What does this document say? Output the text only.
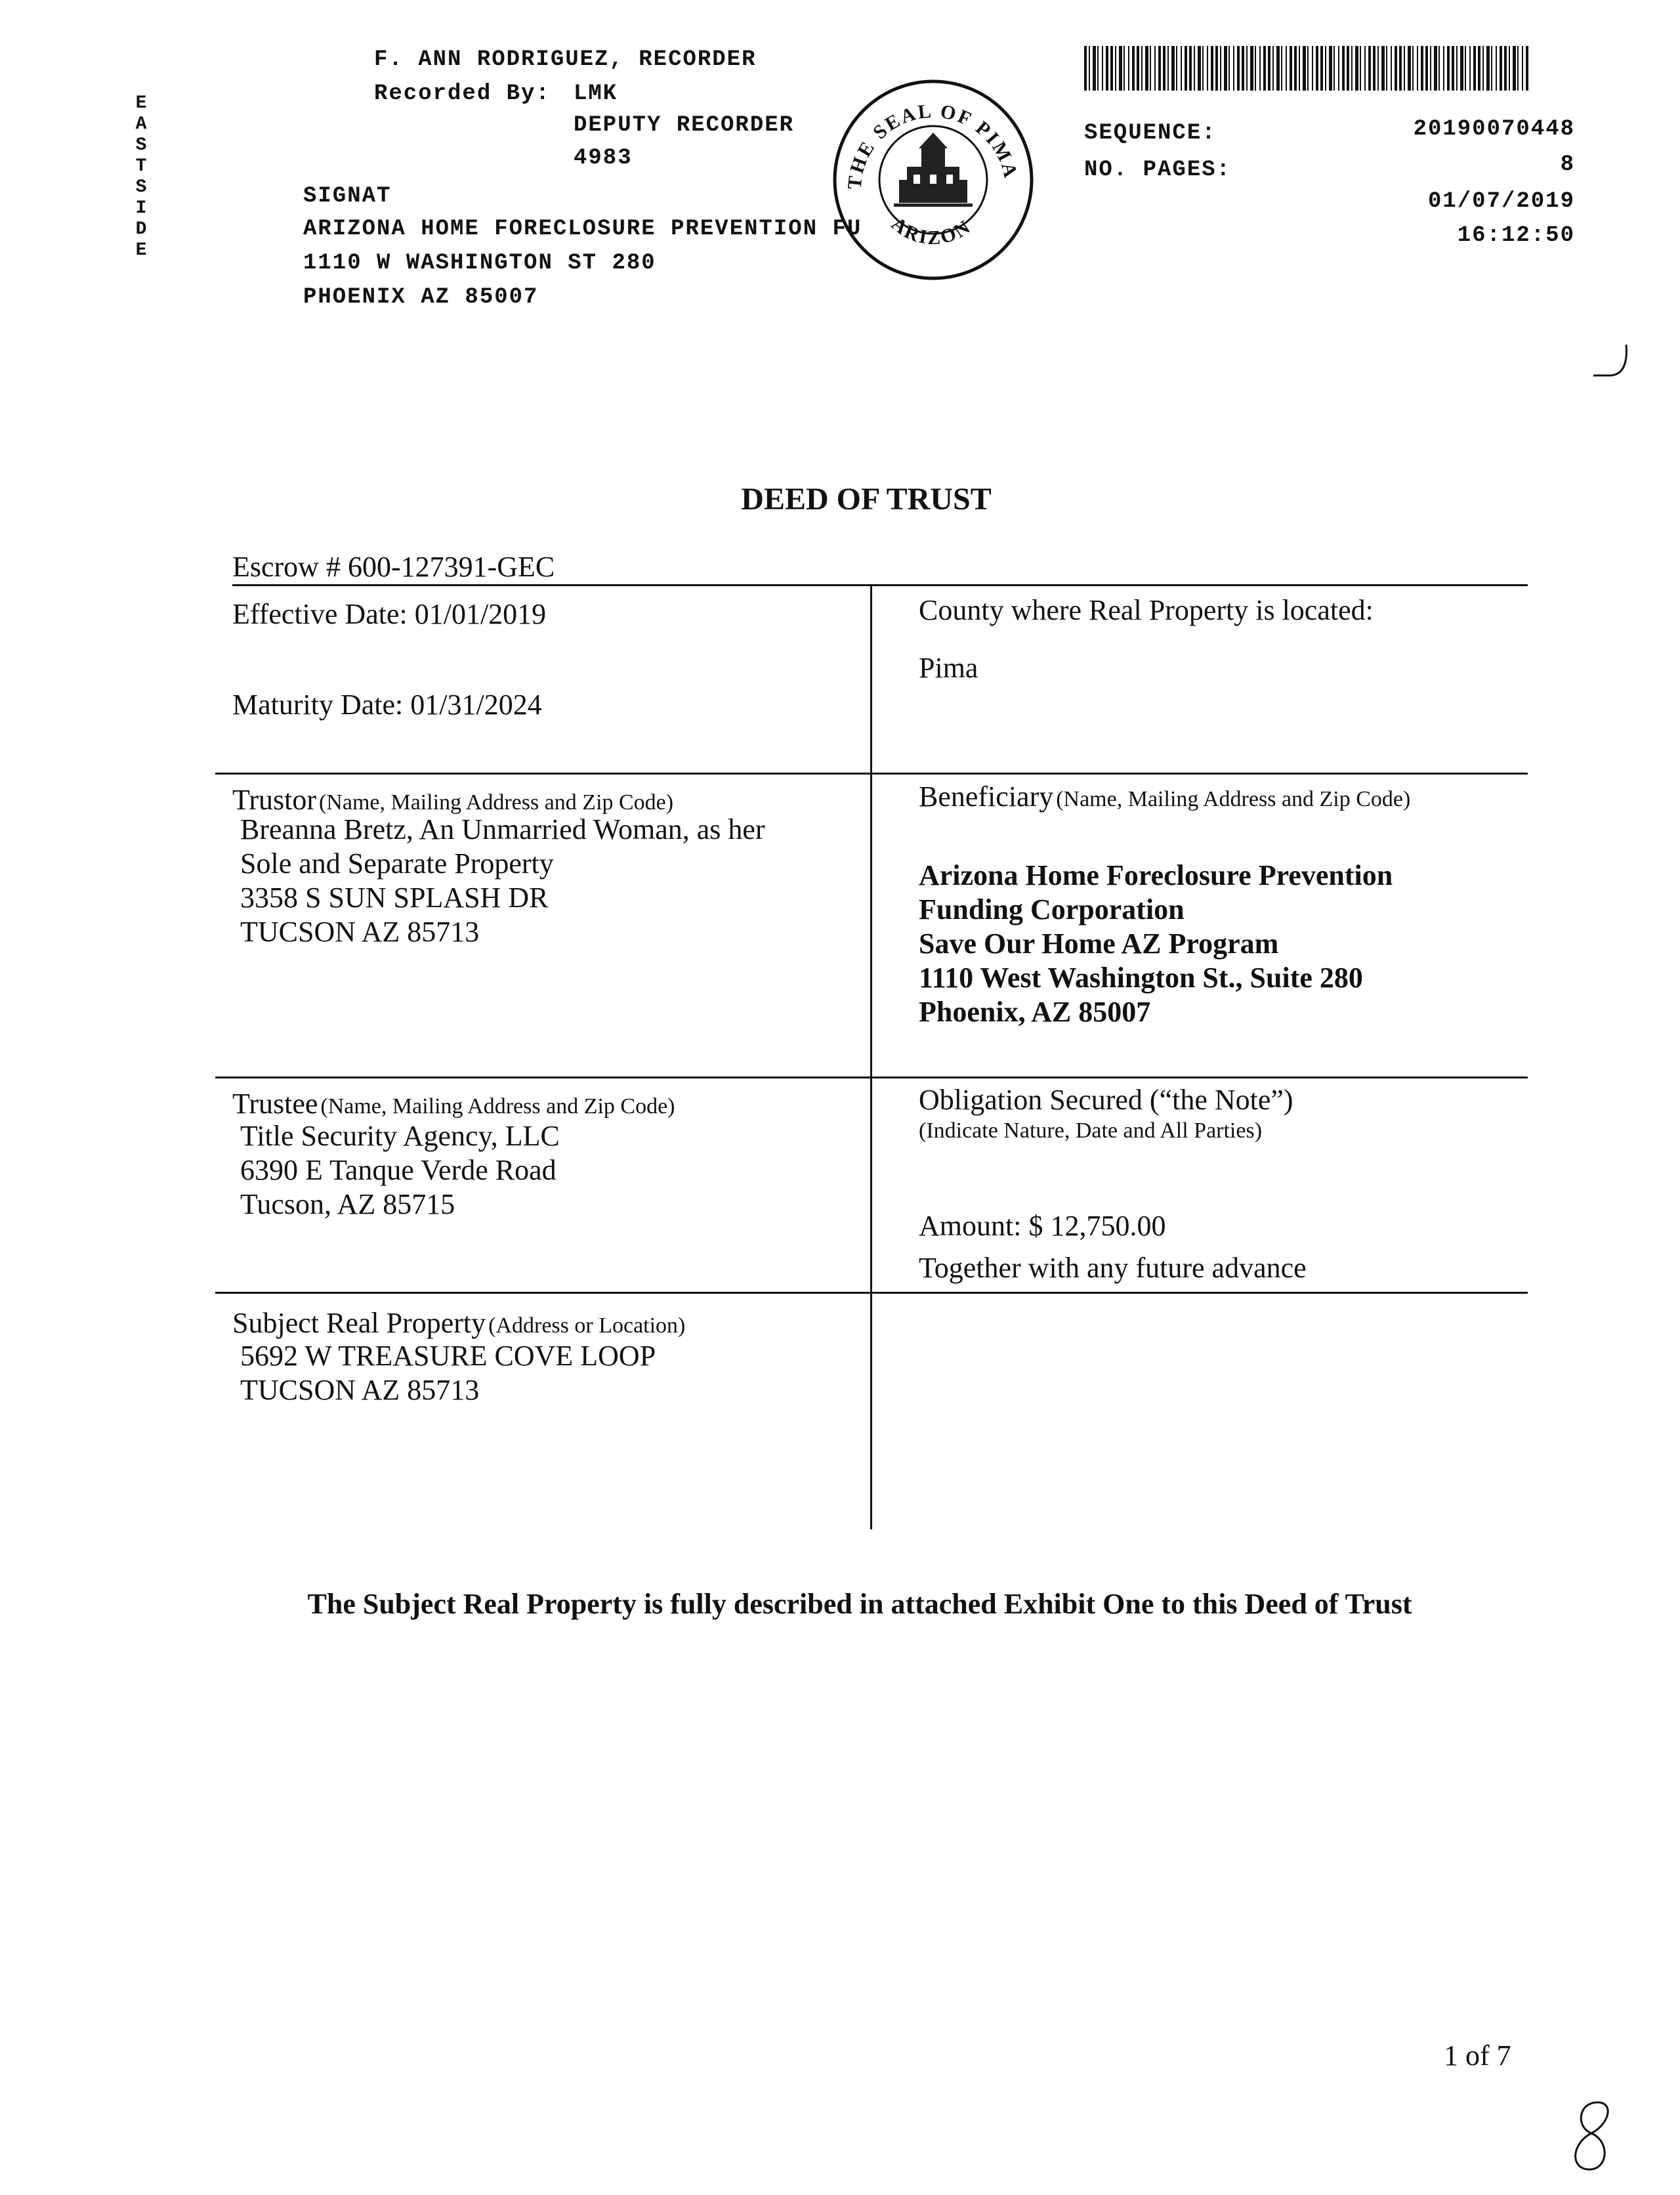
E
A
S
T
S
I
D
E
F. ANN RODRIGUEZ, RECORDER
Recorded By: LMK
DEPUTY RECORDER
4983
SIGNAT
ARIZONA HOME FORECLOSURE PREVENTION FU
1110 W WASHINGTON ST 280
PHOENIX AZ 85007
THE SEAL OF PIMA
ARIZON
SEQUENCE:	20190070448
NO. PAGES:	8
01/07/2019
16:12:50
DEED OF TRUST
Escrow # 600-127391-GEC
Effective Date: 01/01/2019
Maturity Date: 01/31/2024
County where Real Property is located:
Pima
Trustor (Name, Mailing Address and Zip Code)
Breanna Bretz, An Unmarried Woman, as her
Sole and Separate Property
3358 S SUN SPLASH DR
TUCSON AZ 85713
Beneficiary (Name, Mailing Address and Zip Code)
Arizona Home Foreclosure Prevention
Funding Corporation
Save Our Home AZ Program
1110 West Washington St., Suite 280
Phoenix, AZ 85007
Trustee (Name, Mailing Address and Zip Code)
Title Security Agency, LLC
6390 E Tanque Verde Road
Tucson, AZ 85715
Obligation Secured (“the Note”)
(Indicate Nature, Date and All Parties)
Amount: $ 12,750.00
Together with any future advance
Subject Real Property (Address or Location)
5692 W TREASURE COVE LOOP
TUCSON AZ 85713
The Subject Real Property is fully described in attached Exhibit One to this Deed of Trust
1 of 7
